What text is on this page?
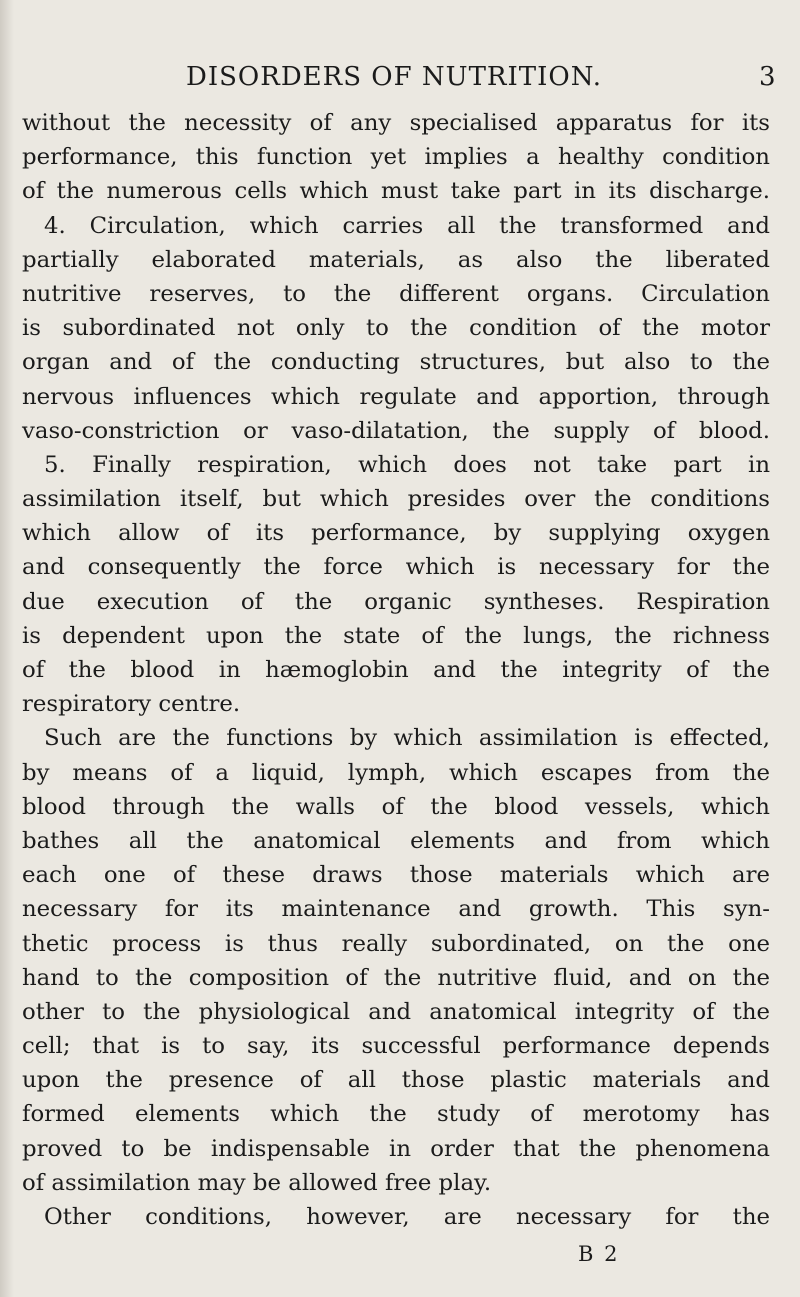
DISORDERS OF NUTRITION.	3
without the necessity of any specialised apparatus for its
performance, this function yet implies a healthy condition
of the numerous cells which must take part in its discharge.
4. Circulation, which carries all the transformed and
partially elaborated materials, as also the liberated
nutritive reserves, to the different organs. Circulation
is subordinated not only to the condition of the motor
organ and of the conducting structures, but also to the
nervous influences which regulate and apportion, through
vaso-constriction or vaso-dilatation, the supply of blood.
5. Finally respiration, which does not take part in
assimilation itself, but which presides over the conditions
which allow of its performance, by supplying oxygen
and consequently the force which is necessary for the
due execution of the organic syntheses. Respiration
is dependent upon the state of the lungs, the richness
of the blood in hæmoglobin and the integrity of the
respiratory centre.
Such are the functions by which assimilation is effected,
by means of a liquid, lymph, which escapes from the
blood through the walls of the blood vessels, which
bathes all the anatomical elements and from which
each one of these draws those materials which are
necessary for its maintenance and growth. This syn-
thetic process is thus really subordinated, on the one
hand to the composition of the nutritive fluid, and on the
other to the physiological and anatomical integrity of the
cell; that is to say, its successful performance depends
upon the presence of all those plastic materials and
formed elements which the study of merotomy has
proved to be indispensable in order that the phenomena
of assimilation may be allowed free play.
Other conditions, however, are necessary for the
B 2
